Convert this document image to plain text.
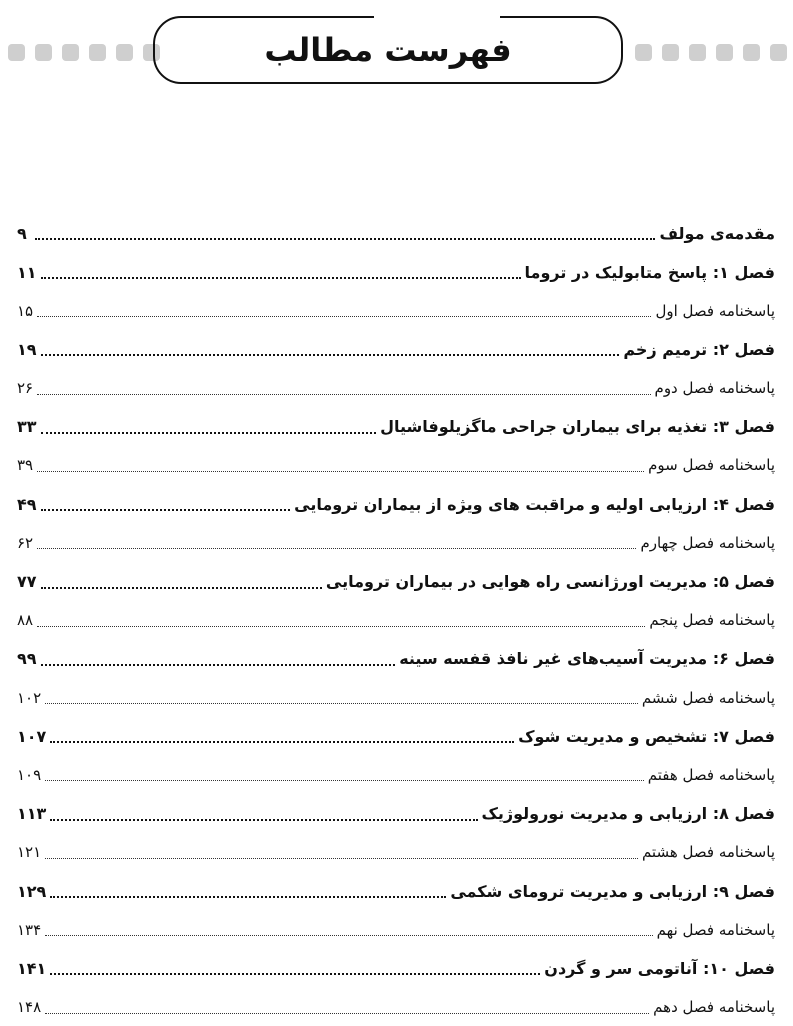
فهرست مطالب
مقدمه‌ی مولف
۹
فصل ۱: پاسخ متابولیک در تروما
۱۱
پاسخنامه فصل اول
۱۵
فصل ۲: ترمیم زخم
۱۹
پاسخنامه فصل دوم
۲۶
فصل ۳: تغذیه برای بیماران جراحی ماگزیلوفاشیال
۳۳
پاسخنامه فصل سوم
۳۹
فصل ۴: ارزیابی اولیه و مراقبت های ویژه از بیماران ترومایی
۴۹
پاسخنامه فصل چهارم
۶۲
فصل ۵: مدیریت اورژانسی راه هوایی در بیماران ترومایی
۷۷
پاسخنامه فصل پنجم
۸۸
فصل ۶: مدیریت آسیب‌های غیر نافذ قفسه سینه
۹۹
پاسخنامه فصل ششم
۱۰۲
فصل ۷: تشخیص و مدیریت شوک
۱۰۷
پاسخنامه فصل هفتم
۱۰۹
فصل ۸: ارزیابی و مدیریت نورولوژیک
۱۱۳
پاسخنامه فصل هشتم
۱۲۱
فصل ۹: ارزیابی و مدیریت ترومای شکمی
۱۲۹
پاسخنامه فصل نهم
۱۳۴
فصل ۱۰: آناتومی سر و گردن
۱۴۱
پاسخنامه فصل دهم
۱۴۸
